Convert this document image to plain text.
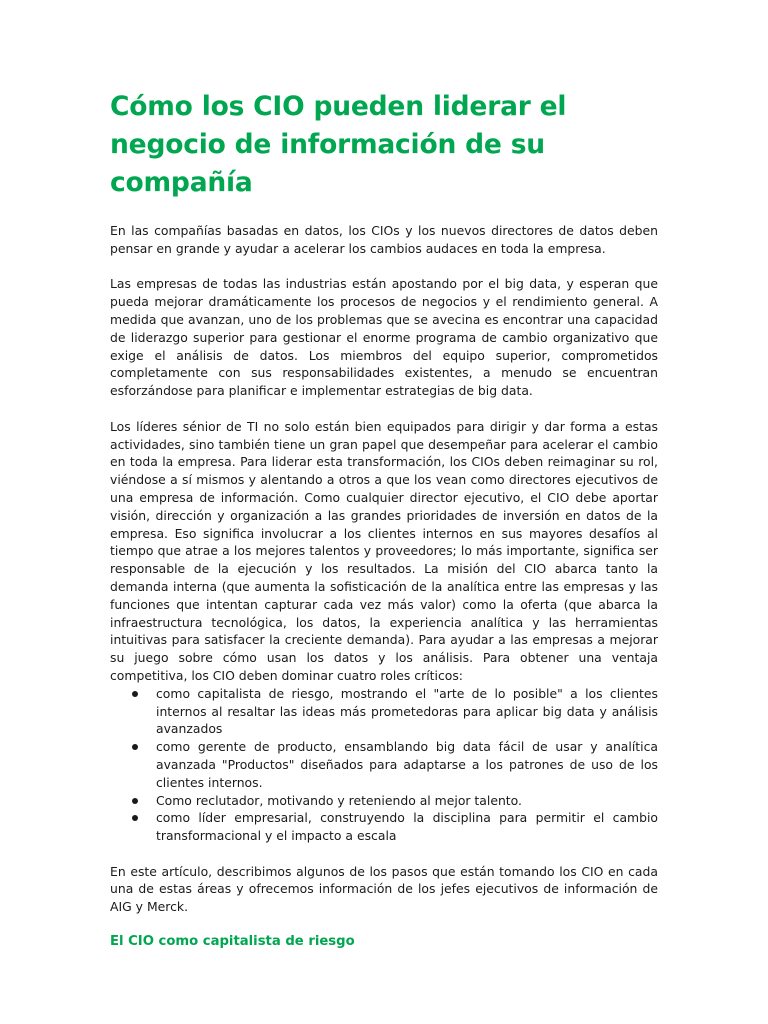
Cómo los CIO pueden liderar el negocio de información de su compañía

En las compañías basadas en datos, los CIOs y los nuevos directores de datos deben pensar en grande y ayudar a acelerar los cambios audaces en toda la empresa.

Las empresas de todas las industrias están apostando por el big data, y esperan que pueda mejorar dramáticamente los procesos de negocios y el rendimiento general. A medida que avanzan, uno de los problemas que se avecina es encontrar una capacidad de liderazgo superior para gestionar el enorme programa de cambio organizativo que exige el análisis de datos. Los miembros del equipo superior, comprometidos completamente con sus responsabilidades existentes, a menudo se encuentran esforzándose para planificar e implementar estrategias de big data.

Los líderes sénior de TI no solo están bien equipados para dirigir y dar forma a estas actividades, sino también tiene un gran papel que desempeñar para acelerar el cambio en toda la empresa. Para liderar esta transformación, los CIOs deben reimaginar su rol, viéndose a sí mismos y alentando a otros a que los vean como directores ejecutivos de una empresa de información. Como cualquier director ejecutivo, el CIO debe aportar visión, dirección y organización a las grandes prioridades de inversión en datos de la empresa. Eso significa involucrar a los clientes internos en sus mayores desafíos al tiempo que atrae a los mejores talentos y proveedores; lo más importante, significa ser responsable de la ejecución y los resultados. La misión del CIO abarca tanto la demanda interna (que aumenta la sofisticación de la analítica entre las empresas y las funciones que intentan capturar cada vez más valor) como la oferta (que abarca la infraestructura tecnológica, los datos, la experiencia analítica y las herramientas intuitivas para satisfacer la creciente demanda). Para ayudar a las empresas a mejorar su juego sobre cómo usan los datos y los análisis. Para obtener una ventaja competitiva, los CIO deben dominar cuatro roles críticos:

como capitalista de riesgo, mostrando el "arte de lo posible" a los clientes internos al resaltar las ideas más prometedoras para aplicar big data y análisis avanzados
como gerente de producto, ensamblando big data fácil de usar y analítica avanzada "Productos" diseñados para adaptarse a los patrones de uso de los clientes internos.
Como reclutador, motivando y reteniendo al mejor talento.
como líder empresarial, construyendo la disciplina para permitir el cambio transformacional y el impacto a escala

En este artículo, describimos algunos de los pasos que están tomando los CIO en cada una de estas áreas y ofrecemos información de los jefes ejecutivos de información de AIG y Merck.

El CIO como capitalista de riesgo
